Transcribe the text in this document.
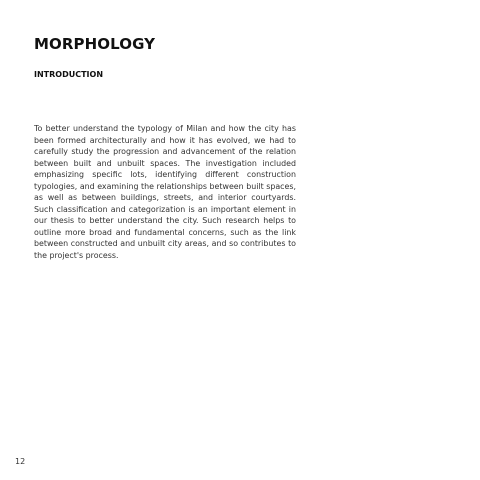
MORPHOLOGY
INTRODUCTION

To better understand the typology of Milan and how the city has been formed architecturally and how it has evolved, we had to carefully study the progression and advancement of the relation between built and unbuilt spaces. The investigation included emphasizing specific lots, identifying different construction typologies, and examining the relationships between built spaces, as well as between buildings, streets, and interior courtyards. Such classification and categorization is an important element in our thesis to better understand the city. Such research helps to outline more broad and fundamental concerns, such as the link between constructed and unbuilt city areas, and so contributes to the project's process.

12
